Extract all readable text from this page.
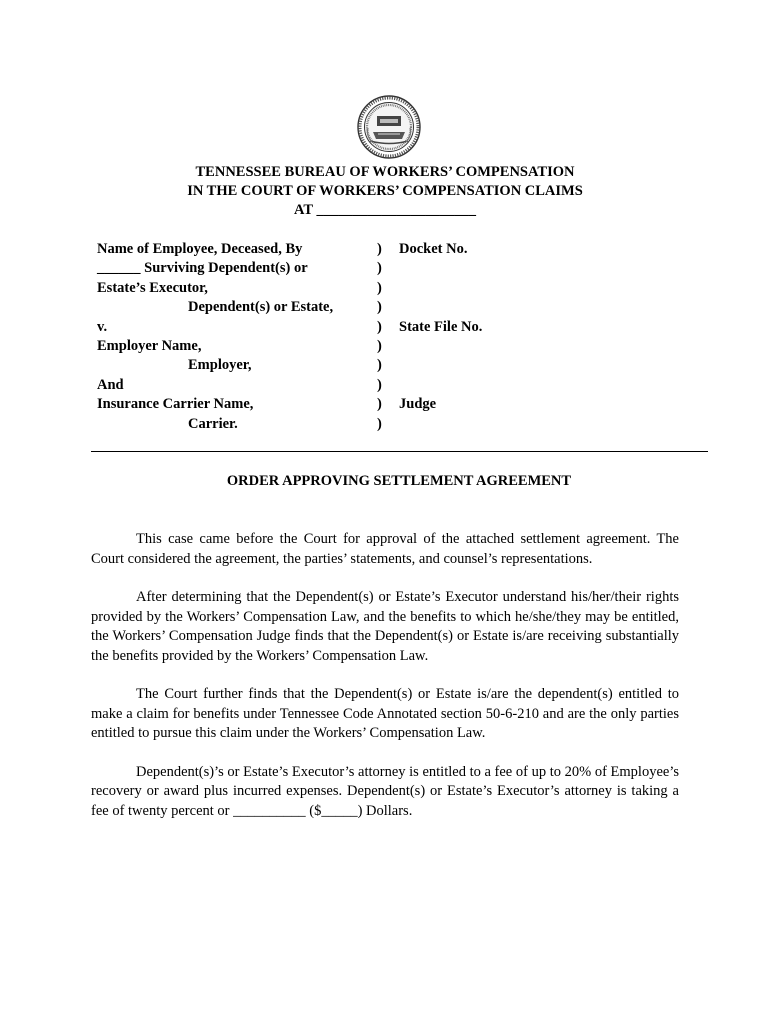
TENNESSEE BUREAU OF WORKERS’ COMPENSATION
IN THE COURT OF WORKERS’ COMPENSATION CLAIMS
AT ______________________
Name of Employee, Deceased, By	) Docket No.
______ Surviving Dependent(s) or	)
Estate’s Executor,	)
Dependent(s) or Estate,	)
v.	) State File No.
Employer Name,	)
Employer,	)
And	)
Insurance Carrier Name,	) Judge
Carrier.	)
ORDER APPROVING SETTLEMENT AGREEMENT

This case came before the Court for approval of the attached settlement agreement. The Court considered the agreement, the parties’ statements, and counsel’s representations.

After determining that the Dependent(s) or Estate’s Executor understand his/her/their rights provided by the Workers’ Compensation Law, and the benefits to which he/she/they may be entitled, the Workers’ Compensation Judge finds that the Dependent(s) or Estate is/are receiving substantially the benefits provided by the Workers’ Compensation Law.

The Court further finds that the Dependent(s) or Estate is/are the dependent(s) entitled to make a claim for benefits under Tennessee Code Annotated section 50-6-210 and are the only parties entitled to pursue this claim under the Workers’ Compensation Law.

Dependent(s)’s or Estate’s Executor’s attorney is entitled to a fee of up to 20% of Employee’s recovery or award plus incurred expenses. Dependent(s) or Estate’s Executor’s attorney is taking a fee of twenty percent or __________ ($_____) Dollars.
